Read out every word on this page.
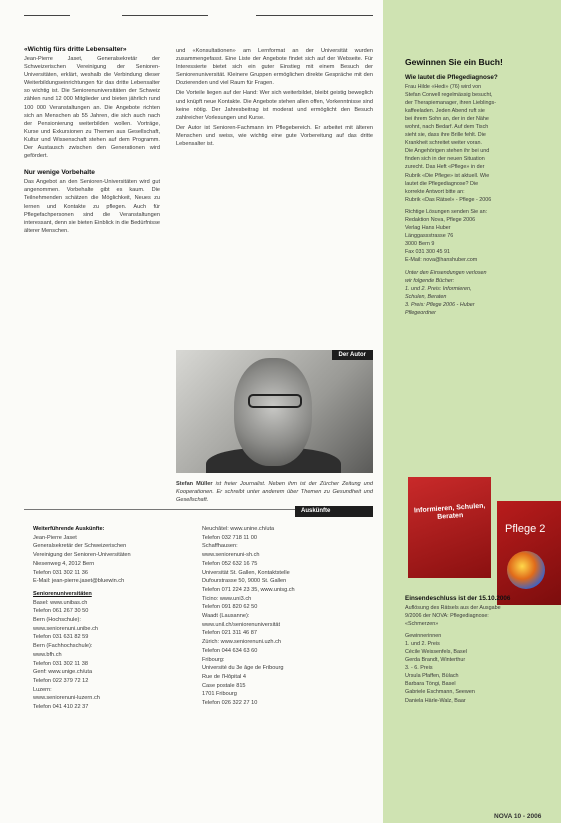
«Wichtig fürs dritte Lebensalter»

Jean-Pierre Jaset, Generalsekretär der Schweizerischen Vereinigung der Senioren-Universitäten, erklärt, weshalb die Verbindung dieser Weiterbildungseinrichtungen für das dritte Lebensalter so wichtig ist. Die Seniorenuniversitäten der Schweiz zählen rund 12 000 Mitglieder und bieten jährlich rund 100 000 Veranstaltungen an. Die Angebote richten sich an Menschen ab 55 Jahren, die sich auch nach der Pensionierung weiterbilden wollen. Vorträge, Kurse und Exkursionen zu Themen aus Gesellschaft, Kultur und Wissenschaft stehen auf dem Programm. Der Austausch zwischen den Generationen wird gefördert.

Nur wenige Vorbehalte

Das Angebot an den Senioren-Universitäten wird gut angenommen. Vorbehalte gibt es kaum. Die Teilnehmenden schätzen die Möglichkeit, Neues zu lernen und Kontakte zu pflegen. Auch für Pflegefachpersonen sind die Veranstaltungen interessant, denn sie bieten Einblick in die Bedürfnisse älterer Menschen.

und «Konsultationen» am Lernformat an der Universität wurden zusammengefasst. Eine Liste der Angebote findet sich auf der Webseite. Für Interessierte bietet sich ein guter Einstieg mit einem Besuch der Seniorenuniversität. Kleinere Gruppen ermöglichen direkte Gespräche mit den Dozierenden und viel Raum für Fragen.

Die Vorteile liegen auf der Hand: Wer sich weiterbildet, bleibt geistig beweglich und knüpft neue Kontakte. Die Angebote stehen allen offen, Vorkenntnisse sind keine nötig. Der Jahresbeitrag ist moderat und ermöglicht den Besuch zahlreicher Vorlesungen und Kurse.

Der Autor ist Senioren-Fachmann im Pflegebereich. Er arbeitet mit älteren Menschen und weiss, wie wichtig eine gute Vorbereitung auf das dritte Lebensalter ist.

Der Autor

Stefan Müller ist freier Journalist. Neben ihm ist der Zürcher Zeitung und Kooperationen. Er schreibt unter anderem über Themen zu Gesundheit und Gesellschaft.

Auskünfte
Weiterführende Auskünfte:
Jean-Pierre Jaset
Generalsekretär der Schweizerischen
Vereinigung der Senioren-Universitäten
Niesenweg 4, 2012 Bern
Telefon 031 302 11 36
E-Mail: jean-pierre.jaset@bluewin.ch
Seniorenuniversitäten
Basel: www.unibas.ch
Telefon 061 267 30 50
Bern (Hochschule):
www.seniorenuni.unibe.ch
Telefon 031 631 82 59
Bern (Fachhochschule):
www.bfh.ch
Telefon 031 302 11 38
Genf: www.unige.ch/uta
Telefon 022 379 72 12
Luzern:
www.seniorenuni-luzern.ch
Telefon 041 410 22 37
Neuchâtel: www.unine.ch/uta
Telefon 032 718 11 00
Schaffhausen:
www.seniorenuni-sh.ch
Telefon 052 632 16 75
Universität St. Gallen, Kontaktstelle
Dufourstrasse 50, 9000 St. Gallen
Telefon 071 224 23 35, www.unisg.ch
Ticino: www.uni3.ch
Telefon 091 820 62 50
Waadt (Lausanne):
www.unil.ch/seniorenuniversität
Telefon 021 311 46 87
Zürich: www.seniorenuni.uzh.ch
Telefon 044 634 63 60
Fribourg:
Université du 3e âge de Fribourg
Rue de l'Hôpital 4
Case postale 815
1701 Fribourg
Telefon 026 322 27 10
Gewinnen Sie ein Buch!
Wie lautet die Pflegediagnose?
Frau Hilde «Hedi» (76) wird von
Stefan Corwell regelmässig besucht,
der Therapiemanager, ihren Lieblings-
kaffeeladen. Jeden Abend ruft sie
bei ihrem Sohn an, der in der Nähe
wohnt, nach Bedarf. Auf dem Tisch
sieht sie, dass ihre Brille fehlt. Die
Krankheit schreitet weiter voran.
Die Angehörigen stehen ihr bei und
finden sich in der neuen Situation
zurecht. Das Heft «Pflege» in der
Rubrik «Die Pflege» ist aktuell. Wie
lautet die Pflegediagnose? Die
korrekte Antwort bitte an:
Rubrik «Das Rätsel» - Pflege - 2006
Richtige Lösungen senden Sie an:
Redaktion Nova, Pflege 2006
Verlag Hans Huber
Länggassstrasse 76
3000 Bern 9
Fax 031 300 45 91
E-Mail: nova@hanshuber.com
Unter den Einsendungen verlosen
wir folgende Bücher:
1. und 2. Preis: Informieren,
Schulen, Beraten
3. Preis: Pflege 2006 - Huber
Pflegeordner
Informieren, Schulen, Beraten
Pflege 2
Einsendeschluss ist der 15.10.2006
Auflösung des Rätsels aus der Ausgabe
9/2006 der NOVA: Pflegediagnose:
«Schmerzen»
Gewinnerinnen
1. und 2. Preis
Cécile Weissenfels, Basel
Gerda Brandt, Winterthur
3. - 6. Preis
Ursula Pfaffen, Bülach
Barbara Töngi, Basel
Gabriele Eschmann, Seewen
Daniela Härle-Walz, Baar
NOVA 10 - 2006
